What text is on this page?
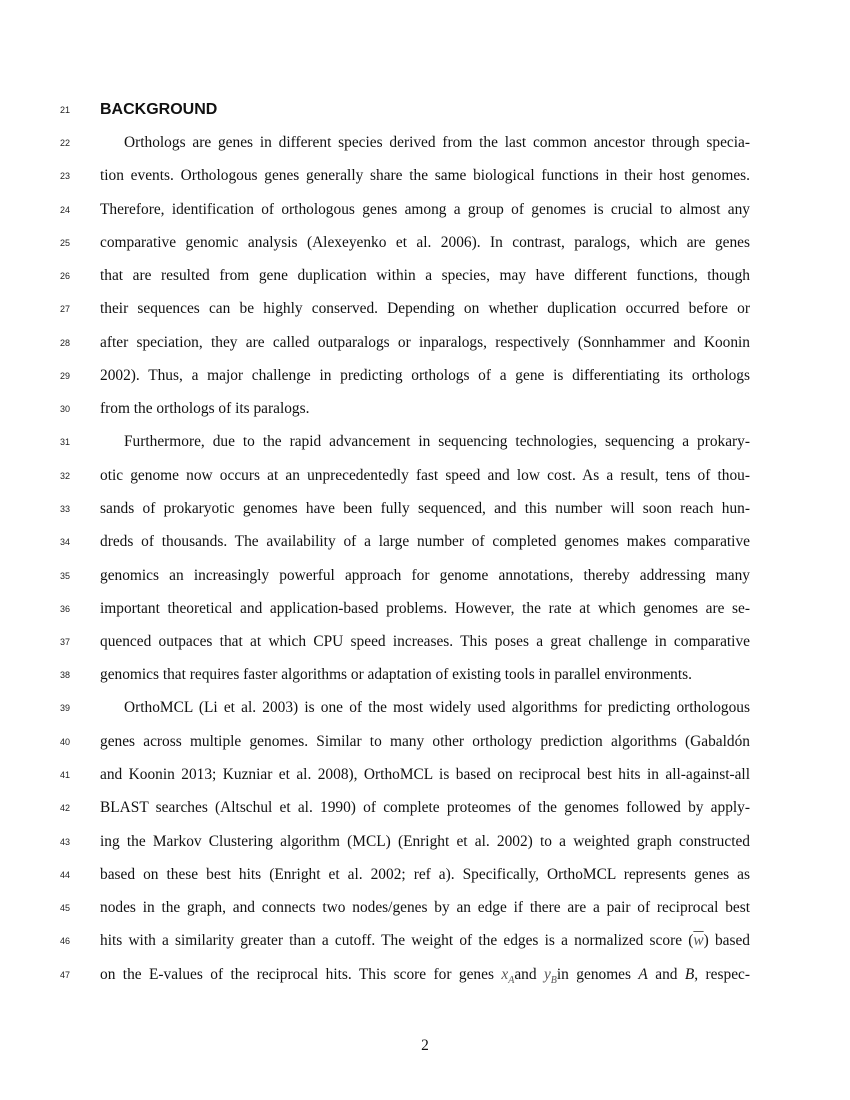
21 BACKGROUND
22	Orthologs are genes in different species derived from the last common ancestor through specia-
23 tion events. Orthologous genes generally share the same biological functions in their host genomes.
24 Therefore, identification of orthologous genes among a group of genomes is crucial to almost any
25 comparative genomic analysis (Alexeyenko et al. 2006). In contrast, paralogs, which are genes
26 that are resulted from gene duplication within a species, may have different functions, though
27 their sequences can be highly conserved. Depending on whether duplication occurred before or
28 after speciation, they are called outparalogs or inparalogs, respectively (Sonnhammer and Koonin
29 2002). Thus, a major challenge in predicting orthologs of a gene is differentiating its orthologs
30 from the orthologs of its paralogs.
31	Furthermore, due to the rapid advancement in sequencing technologies, sequencing a prokary-
32 otic genome now occurs at an unprecedentedly fast speed and low cost. As a result, tens of thou-
33 sands of prokaryotic genomes have been fully sequenced, and this number will soon reach hun-
34 dreds of thousands. The availability of a large number of completed genomes makes comparative
35 genomics an increasingly powerful approach for genome annotations, thereby addressing many
36 important theoretical and application-based problems. However, the rate at which genomes are se-
37 quenced outpaces that at which CPU speed increases. This poses a great challenge in comparative
38 genomics that requires faster algorithms or adaptation of existing tools in parallel environments.
39	OrthoMCL (Li et al. 2003) is one of the most widely used algorithms for predicting orthologous
40 genes across multiple genomes. Similar to many other orthology prediction algorithms (Gabaldón
41 and Koonin 2013; Kuzniar et al. 2008), OrthoMCL is based on reciprocal best hits in all-against-all
42 BLAST searches (Altschul et al. 1990) of complete proteomes of the genomes followed by apply-
43 ing the Markov Clustering algorithm (MCL) (Enright et al. 2002) to a weighted graph constructed
44 based on these best hits (Enright et al. 2002; ref a). Specifically, OrthoMCL represents genes as
45 nodes in the graph, and connects two nodes/genes by an edge if there are a pair of reciprocal best
46 hits with a similarity greater than a cutoff. The weight of the edges is a normalized score $(\overline{w})$ based
47 on the E-values of the reciprocal hits. This score for genes $x_Aand$ $y_Bin$ genomes A and B, respec-
2
